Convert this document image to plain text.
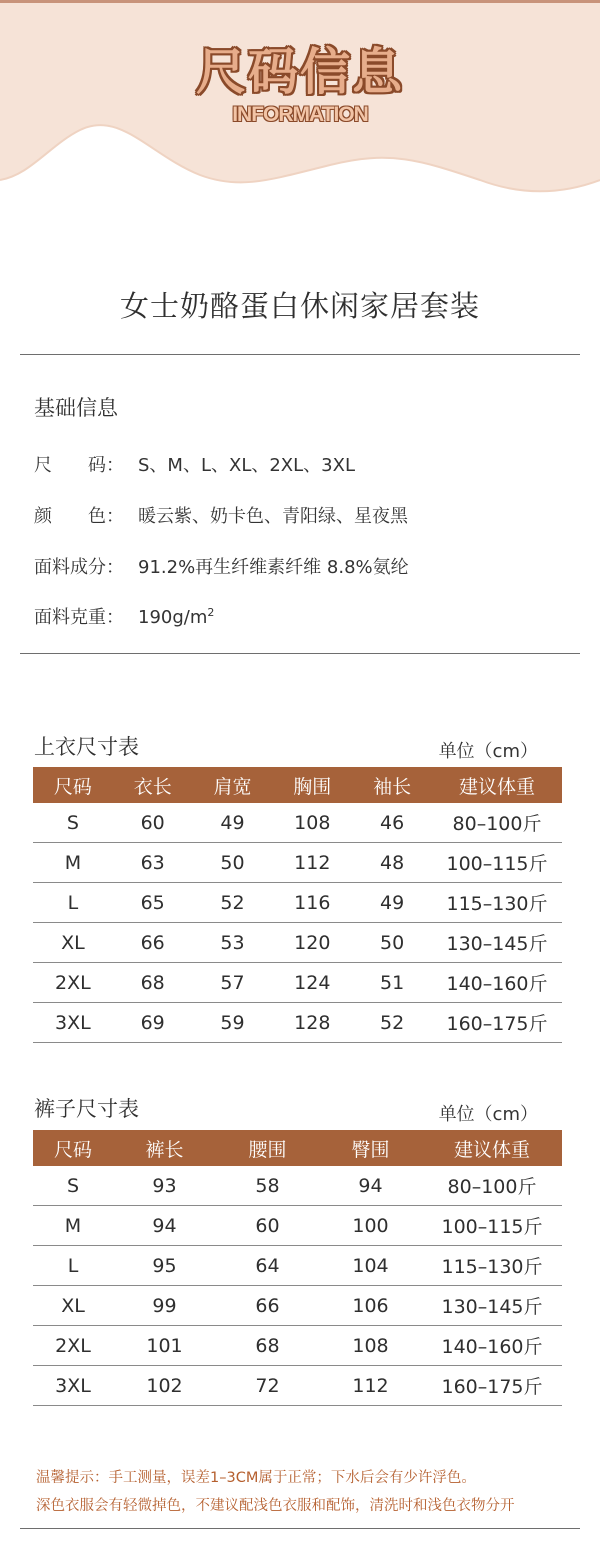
尺码信息
INFORMATION
女士奶酪蛋白休闲家居套装
基础信息
尺　　码： S、M、L、XL、2XL、3XL
颜　　色： 暖云紫、奶卡色、青阳绿、星夜黑
面料成分： 91.2%再生纤维素纤维 8.8%氨纶
面料克重： $190g/m^2$
上衣尺寸表	单位（cm）
尺码	衣长	肩宽	胸围	袖长	建议体重
S	60	49	108	46	80–100斤
M	63	50	112	48	100–115斤
L	65	52	116	49	115–130斤
XL	66	53	120	50	130–145斤
2XL	68	57	124	51	140–160斤
3XL	69	59	128	52	160–175斤
裤子尺寸表	单位（cm）
尺码	裤长	腰围	臀围	建议体重
S	93	58	94	80–100斤
M	94	60	100	100–115斤
L	95	64	104	115–130斤
XL	99	66	106	130–145斤
2XL	101	68	108	140–160斤
3XL	102	72	112	160–175斤
温馨提示：手工测量，误差1–3CM属于正常；下水后会有少许浮色。
深色衣服会有轻微掉色，不建议配浅色衣服和配饰，清洗时和浅色衣物分开
